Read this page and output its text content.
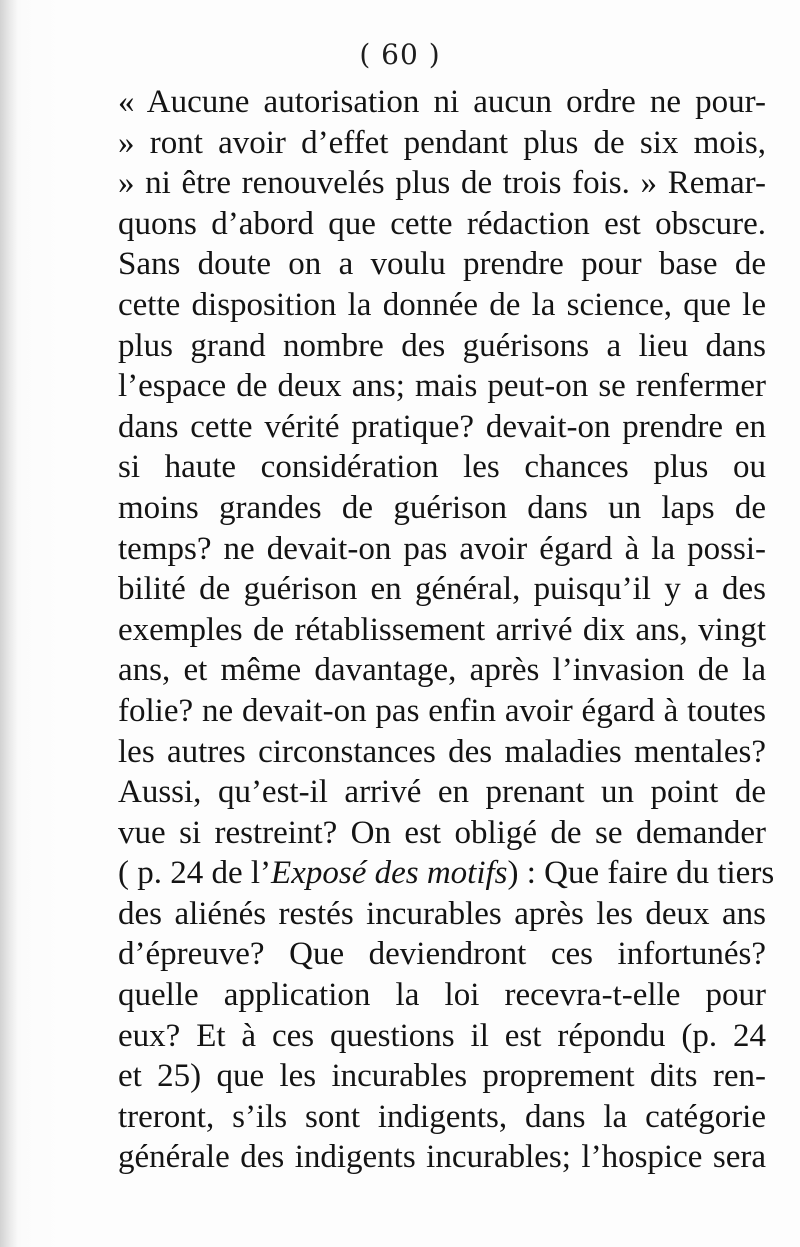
( 60 )
« Aucune autorisation ni aucun ordre ne pour-
» ront avoir d’effet pendant plus de six mois,
» ni être renouvelés plus de trois fois. » Remar-
quons d’abord que cette rédaction est obscure.
Sans doute on a voulu prendre pour base de
cette disposition la donnée de la science, que le
plus grand nombre des guérisons a lieu dans
l’espace de deux ans; mais peut-on se renfermer
dans cette vérité pratique? devait-on prendre en
si haute considération les chances plus ou
moins grandes de guérison dans un laps de
temps? ne devait-on pas avoir égard à la possi-
bilité de guérison en général, puisqu’il y a des
exemples de rétablissement arrivé dix ans, vingt
ans, et même davantage, après l’invasion de la
folie? ne devait-on pas enfin avoir égard à toutes
les autres circonstances des maladies mentales?
Aussi, qu’est-il arrivé en prenant un point de
vue si restreint? On est obligé de se demander
( p. 24 de l’Exposé des motifs) : Que faire du tiers
des aliénés restés incurables après les deux ans
d’épreuve? Que deviendront ces infortunés?
quelle application la loi recevra-t-elle pour
eux? Et à ces questions il est répondu (p. 24
et 25) que les incurables proprement dits ren-
treront, s’ils sont indigents, dans la catégorie
générale des indigents incurables; l’hospice sera
